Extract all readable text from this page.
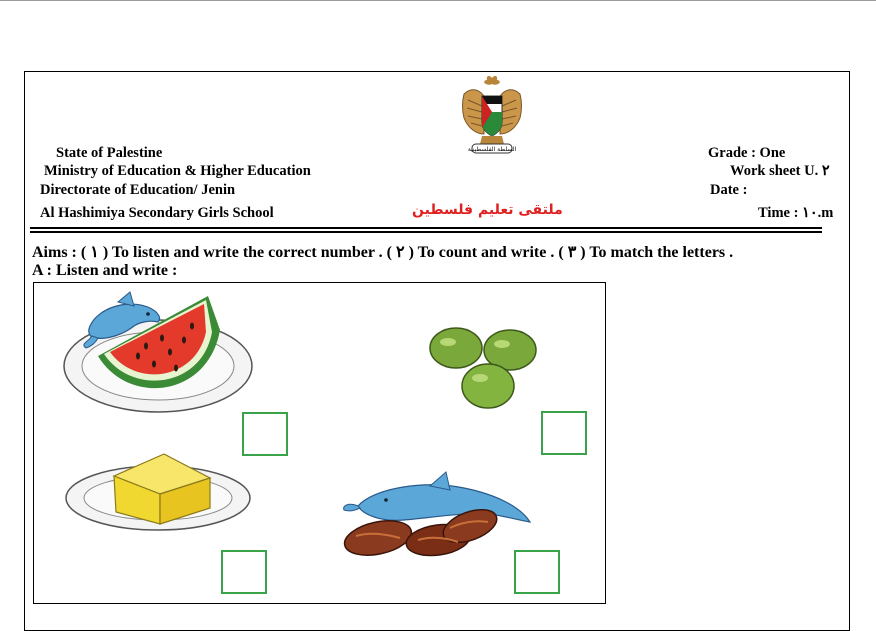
السلطة الفلسطينية
State of Palestine
Ministry of Education & Higher Education
Directorate of Education/ Jenin
Al Hashimiya Secondary Girls School	ملتقى تعليم فلسطين
Grade : One
Work sheet U. ٢
Date :
Time : ١٠.m
Aims : ( ١ ) To listen and write the correct number . ( ٢ ) To count and write . ( ٣ ) To match the letters .
A : Listen and write :
